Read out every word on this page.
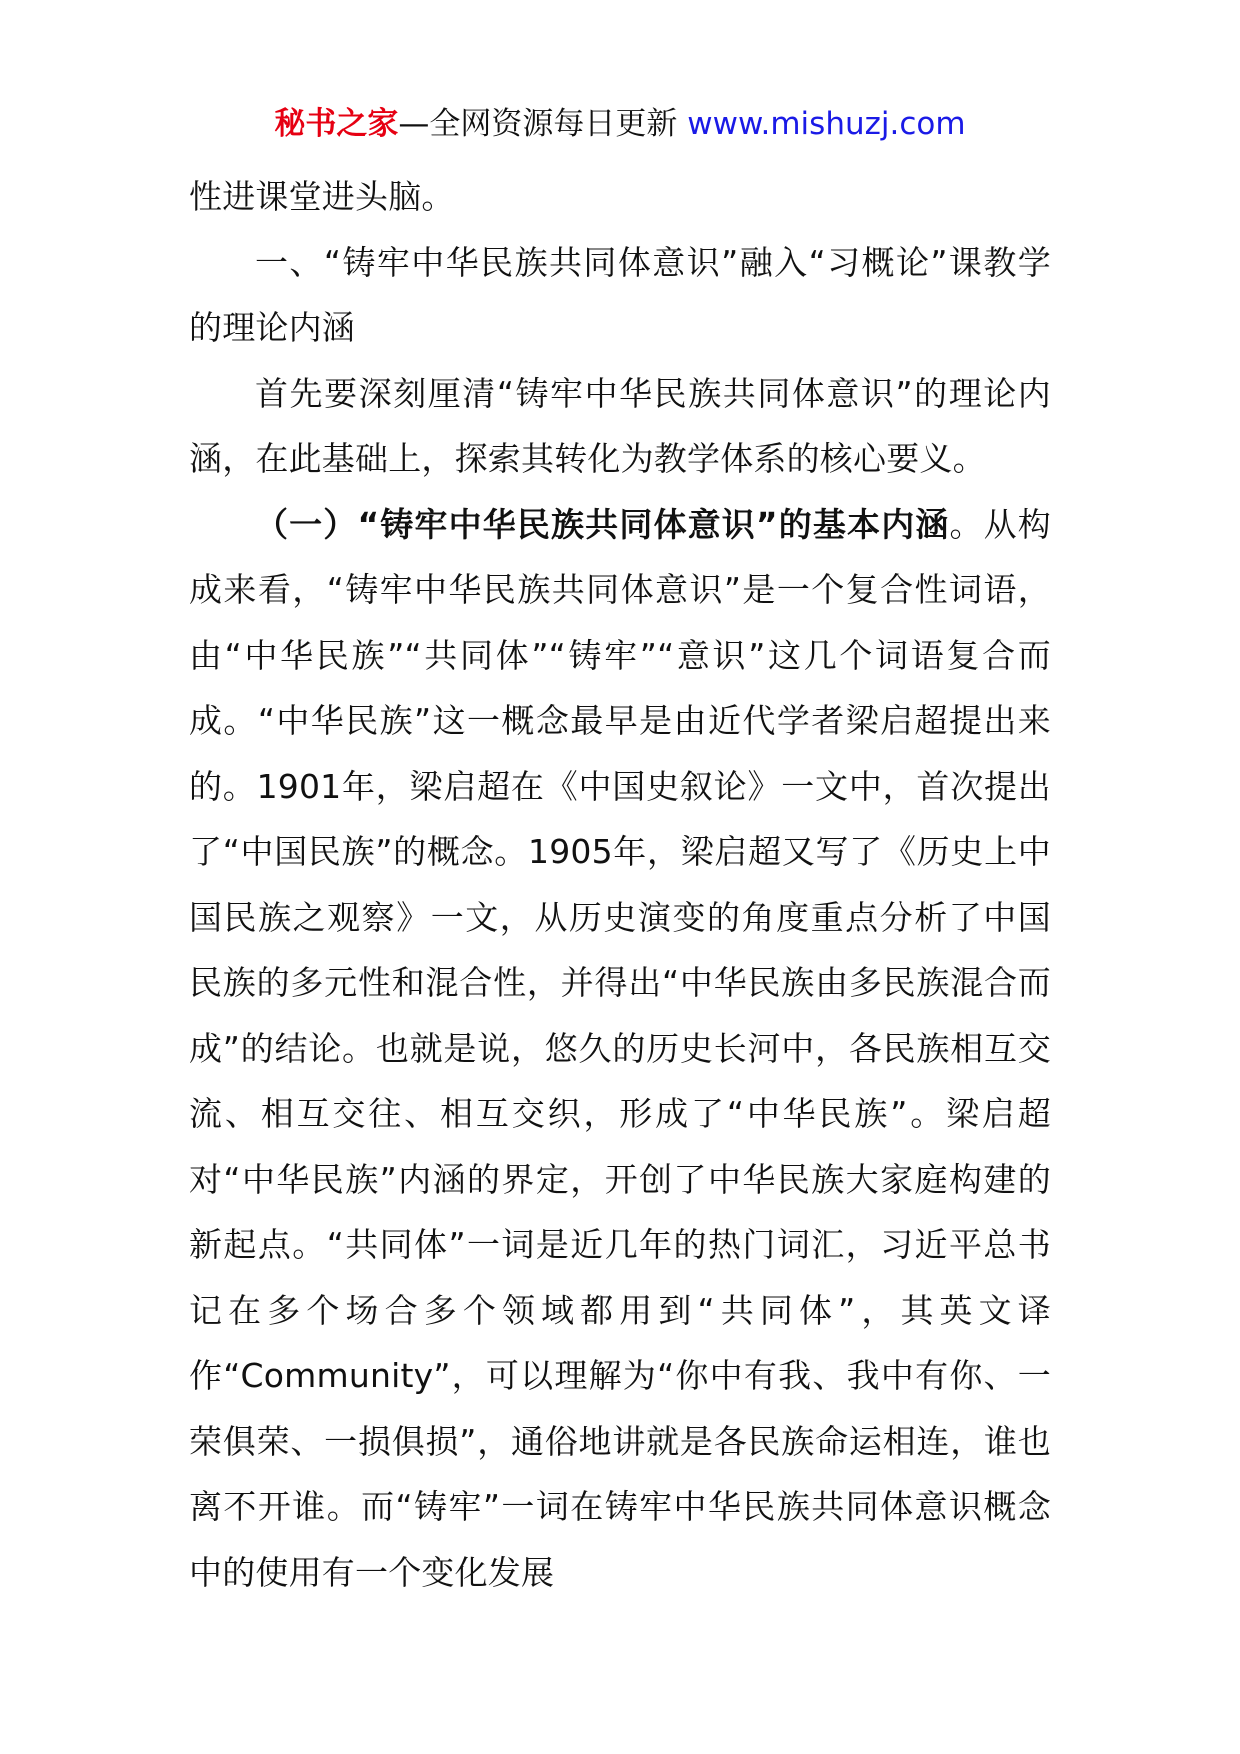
秘书之家—全网资源每日更新 www.mishuzj.com

性进课堂进头脑。

一、“铸牢中华民族共同体意识”融入“习概论”课教学的理论内涵

首先要深刻厘清“铸牢中华民族共同体意识”的理论内涵，在此基础上，探索其转化为教学体系的核心要义。

（一）“铸牢中华民族共同体意识”的基本内涵。从构成来看，“铸牢中华民族共同体意识”是一个复合性词语，由“中华民族”“共同体”“铸牢”“意识”这几个词语复合而成。“中华民族”这一概念最早是由近代学者梁启超提出来的。1901年，梁启超在《中国史叙论》一文中，首次提出了“中国民族”的概念。1905年，梁启超又写了《历史上中国民族之观察》一文，从历史演变的角度重点分析了中国民族的多元性和混合性，并得出“中华民族由多民族混合而成”的结论。也就是说，悠久的历史长河中，各民族相互交流、相互交往、相互交织，形成了“中华民族”。梁启超对“中华民族”内涵的界定，开创了中华民族大家庭构建的新起点。“共同体”一词是近几年的热门词汇，习近平总书记在多个场合多个领域都用到“共同体”，其英文译作“Community”，可以理解为“你中有我、我中有你、一荣俱荣、一损俱损”，通俗地讲就是各民族命运相连，谁也离不开谁。而“铸牢”一词在铸牢中华民族共同体意识概念中的使用有一个变化发展
